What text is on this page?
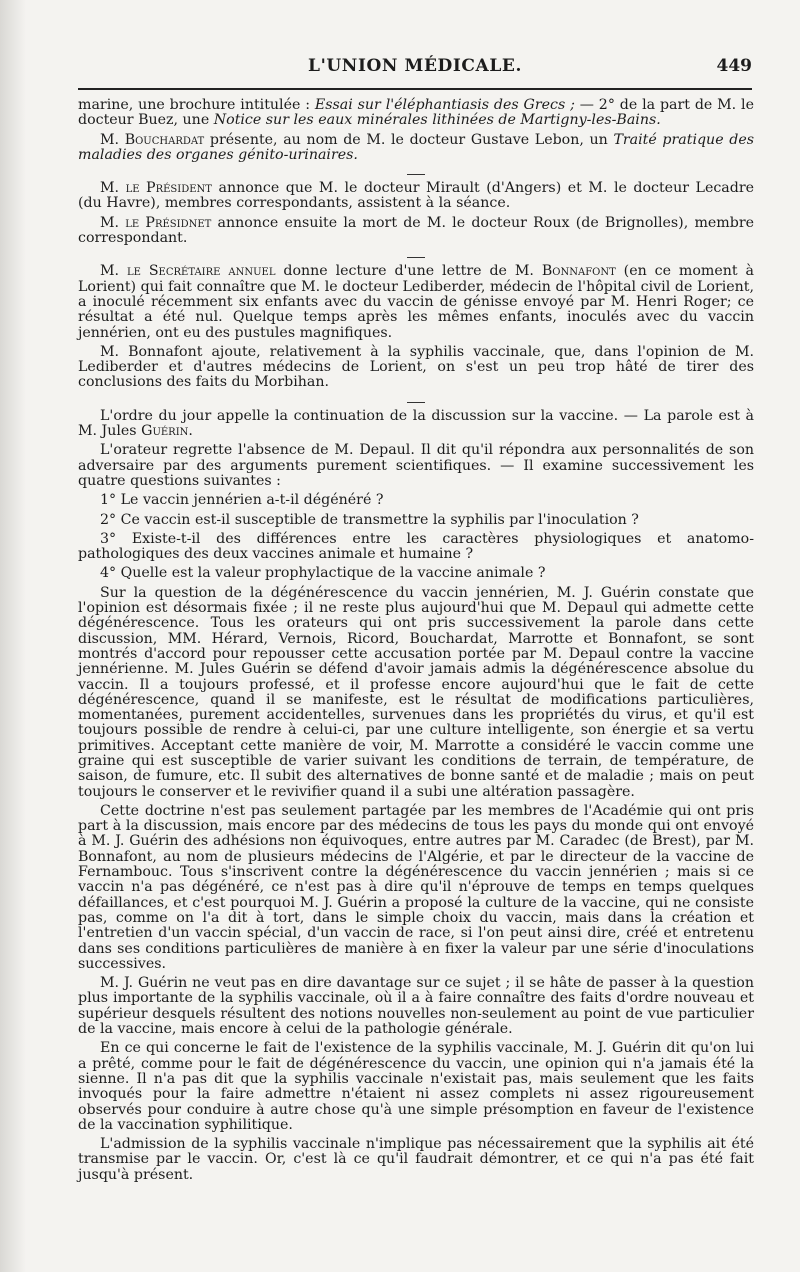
L'UNION MÉDICALE.	449

marine, une brochure intitulée : Essai sur l'éléphantiasis des Grecs ; — 2° de la part de M. le docteur Buez, une Notice sur les eaux minérales lithinées de Martigny-les-Bains.

M. Bouchardat présente, au nom de M. le docteur Gustave Lebon, un Traité pratique des maladies des organes génito-urinaires.

M. le Président annonce que M. le docteur Mirault (d'Angers) et M. le docteur Lecadre (du Havre), membres correspondants, assistent à la séance.

M. le Présidnet annonce ensuite la mort de M. le docteur Roux (de Brignolles), membre correspondant.

M. le Secrétaire annuel donne lecture d'une lettre de M. Bonnafont (en ce moment à Lorient) qui fait connaître que M. le docteur Lediberder, médecin de l'hôpital civil de Lorient, a inoculé récemment six enfants avec du vaccin de génisse envoyé par M. Henri Roger; ce résultat a été nul. Quelque temps après les mêmes enfants, inoculés avec du vaccin jennérien, ont eu des pustules magnifiques.

M. Bonnafont ajoute, relativement à la syphilis vaccinale, que, dans l'opinion de M. Lediberder et d'autres médecins de Lorient, on s'est un peu trop hâté de tirer des conclusions des faits du Morbihan.

L'ordre du jour appelle la continuation de la discussion sur la vaccine. — La parole est à M. Jules Guérin.

L'orateur regrette l'absence de M. Depaul. Il dit qu'il répondra aux personnalités de son adversaire par des arguments purement scientifiques. — Il examine successivement les quatre questions suivantes :

1° Le vaccin jennérien a-t-il dégénéré ?

2° Ce vaccin est-il susceptible de transmettre la syphilis par l'inoculation ?

3° Existe-t-il des différences entre les caractères physiologiques et anatomo-pathologiques des deux vaccines animale et humaine ?

4° Quelle est la valeur prophylactique de la vaccine animale ?

Sur la question de la dégénérescence du vaccin jennérien, M. J. Guérin constate que l'opinion est désormais fixée ; il ne reste plus aujourd'hui que M. Depaul qui admette cette dégénérescence. Tous les orateurs qui ont pris successivement la parole dans cette discussion, MM. Hérard, Vernois, Ricord, Bouchardat, Marrotte et Bonnafont, se sont montrés d'accord pour repousser cette accusation portée par M. Depaul contre la vaccine jennérienne. M. Jules Guérin se défend d'avoir jamais admis la dégénérescence absolue du vaccin. Il a toujours professé, et il professe encore aujourd'hui que le fait de cette dégénérescence, quand il se manifeste, est le résultat de modifications particulières, momentanées, purement accidentelles, survenues dans les propriétés du virus, et qu'il est toujours possible de rendre à celui-ci, par une culture intelligente, son énergie et sa vertu primitives. Acceptant cette manière de voir, M. Marrotte a considéré le vaccin comme une graine qui est susceptible de varier suivant les conditions de terrain, de température, de saison, de fumure, etc. Il subit des alternatives de bonne santé et de maladie ; mais on peut toujours le conserver et le revivifier quand il a subi une altération passagère.

Cette doctrine n'est pas seulement partagée par les membres de l'Académie qui ont pris part à la discussion, mais encore par des médecins de tous les pays du monde qui ont envoyé à M. J. Guérin des adhésions non équivoques, entre autres par M. Caradec (de Brest), par M. Bonnafont, au nom de plusieurs médecins de l'Algérie, et par le directeur de la vaccine de Fernambouc. Tous s'inscrivent contre la dégénérescence du vaccin jennérien ; mais si ce vaccin n'a pas dégénéré, ce n'est pas à dire qu'il n'éprouve de temps en temps quelques défaillances, et c'est pourquoi M. J. Guérin a proposé la culture de la vaccine, qui ne consiste pas, comme on l'a dit à tort, dans le simple choix du vaccin, mais dans la création et l'entretien d'un vaccin spécial, d'un vaccin de race, si l'on peut ainsi dire, créé et entretenu dans ses conditions particulières de manière à en fixer la valeur par une série d'inoculations successives.

M. J. Guérin ne veut pas en dire davantage sur ce sujet ; il se hâte de passer à la question plus importante de la syphilis vaccinale, où il a à faire connaître des faits d'ordre nouveau et supérieur desquels résultent des notions nouvelles non-seulement au point de vue particulier de la vaccine, mais encore à celui de la pathologie générale.

En ce qui concerne le fait de l'existence de la syphilis vaccinale, M. J. Guérin dit qu'on lui a prêté, comme pour le fait de dégénérescence du vaccin, une opinion qui n'a jamais été la sienne. Il n'a pas dit que la syphilis vaccinale n'existait pas, mais seulement que les faits invoqués pour la faire admettre n'étaient ni assez complets ni assez rigoureusement observés pour conduire à autre chose qu'à une simple présomption en faveur de l'existence de la vaccination syphilitique.

L'admission de la syphilis vaccinale n'implique pas nécessairement que la syphilis ait été transmise par le vaccin. Or, c'est là ce qu'il faudrait démontrer, et ce qui n'a pas été fait jusqu'à présent.
